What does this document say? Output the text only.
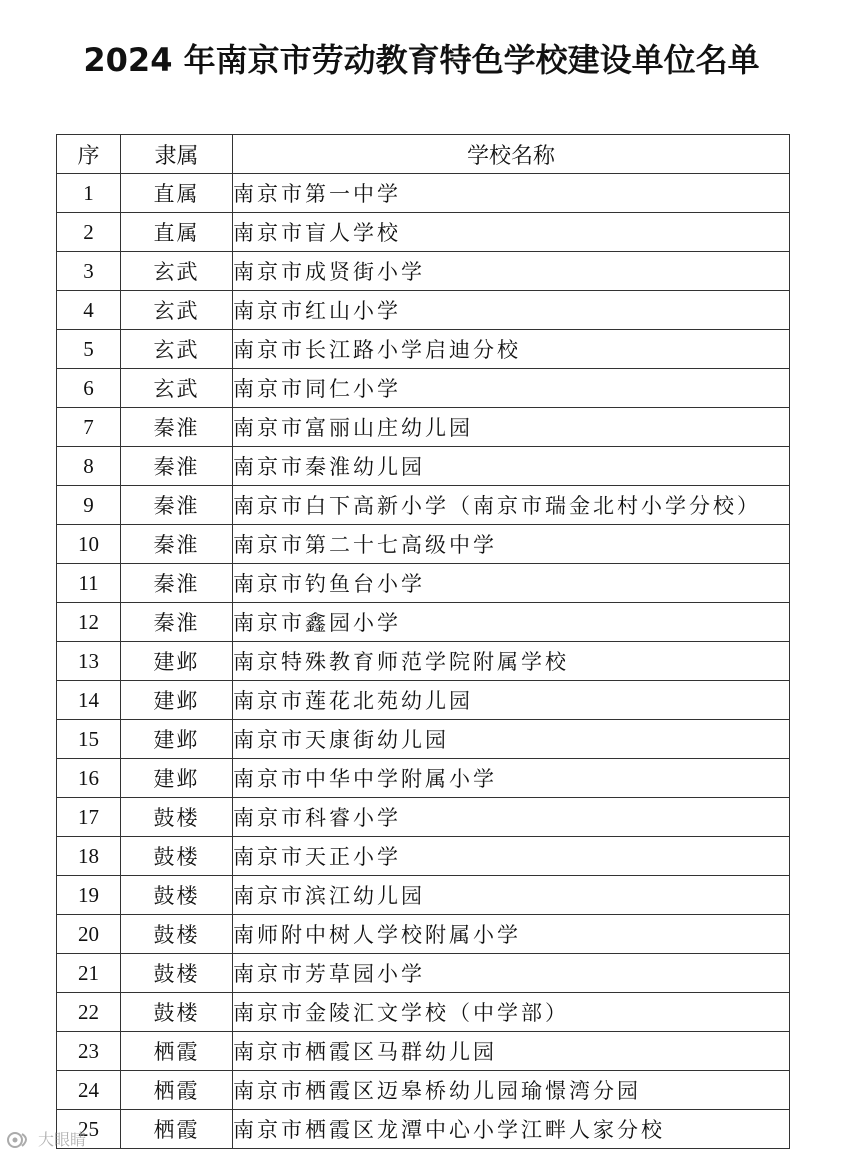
2024 年南京市劳动教育特色学校建设单位名单
序	隶属	学校名称
1	直属	南京市第一中学
2	直属	南京市盲人学校
3	玄武	南京市成贤街小学
4	玄武	南京市红山小学
5	玄武	南京市长江路小学启迪分校
6	玄武	南京市同仁小学
7	秦淮	南京市富丽山庄幼儿园
8	秦淮	南京市秦淮幼儿园
9	秦淮	南京市白下高新小学（南京市瑞金北村小学分校）
10	秦淮	南京市第二十七高级中学
11	秦淮	南京市钓鱼台小学
12	秦淮	南京市鑫园小学
13	建邺	南京特殊教育师范学院附属学校
14	建邺	南京市莲花北苑幼儿园
15	建邺	南京市天康街幼儿园
16	建邺	南京市中华中学附属小学
17	鼓楼	南京市科睿小学
18	鼓楼	南京市天正小学
19	鼓楼	南京市滨江幼儿园
20	鼓楼	南师附中树人学校附属小学
21	鼓楼	南京市芳草园小学
22	鼓楼	南京市金陵汇文学校（中学部）
23	栖霞	南京市栖霞区马群幼儿园
24	栖霞	南京市栖霞区迈皋桥幼儿园瑜憬湾分园
25	栖霞	南京市栖霞区龙潭中心小学江畔人家分校
大眼睛
